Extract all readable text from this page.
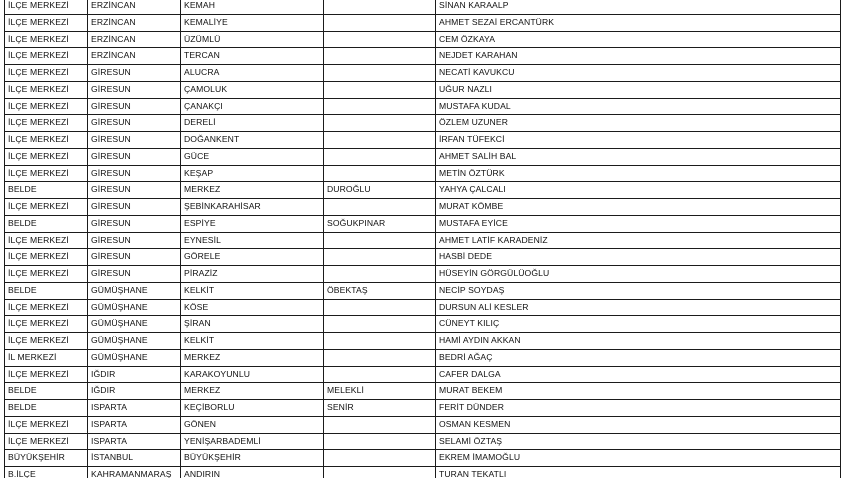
İLÇE MERKEZİ	ERZİNCAN	KEMAH		SİNAN KARAALP
İLÇE MERKEZİ	ERZİNCAN	KEMALİYE		AHMET SEZAİ ERCANTÜRK
İLÇE MERKEZİ	ERZİNCAN	ÜZÜMLÜ		CEM ÖZKAYA
İLÇE MERKEZİ	ERZİNCAN	TERCAN		NEJDET KARAHAN
İLÇE MERKEZİ	GİRESUN	ALUCRA		NECATİ KAVUKCU
İLÇE MERKEZİ	GİRESUN	ÇAMOLUK		UĞUR NAZLI
İLÇE MERKEZİ	GİRESUN	ÇANAKÇI		MUSTAFA KUDAL
İLÇE MERKEZİ	GİRESUN	DERELİ		ÖZLEM UZUNER
İLÇE MERKEZİ	GİRESUN	DOĞANKENT		İRFAN TÜFEKCİ
İLÇE MERKEZİ	GİRESUN	GÜCE		AHMET SALİH BAL
İLÇE MERKEZİ	GİRESUN	KEŞAP		METİN ÖZTÜRK
BELDE	GİRESUN	MERKEZ	DUROĞLU	YAHYA ÇALCALI
İLÇE MERKEZİ	GİRESUN	ŞEBİNKARAHİSAR		MURAT KÖMBE
BELDE	GİRESUN	ESPİYE	SOĞUKPINAR	MUSTAFA EYİCE
İLÇE MERKEZİ	GİRESUN	EYNESİL		AHMET LATİF KARADENİZ
İLÇE MERKEZİ	GİRESUN	GÖRELE		HASBİ DEDE
İLÇE MERKEZİ	GİRESUN	PİRAZİZ		HÜSEYİN GÖRGÜLÜOĞLU
BELDE	GÜMÜŞHANE	KELKİT	ÖBEKTAŞ	NECİP SOYDAŞ
İLÇE MERKEZİ	GÜMÜŞHANE	KÖSE		DURSUN ALİ KESLER
İLÇE MERKEZİ	GÜMÜŞHANE	ŞİRAN		CÜNEYT KILIÇ
İLÇE MERKEZİ	GÜMÜŞHANE	KELKİT		HAMİ AYDIN AKKAN
İL MERKEZİ	GÜMÜŞHANE	MERKEZ		BEDRİ AĞAÇ
İLÇE MERKEZİ	IĞDIR	KARAKOYUNLU		CAFER DALGA
BELDE	IĞDIR	MERKEZ	MELEKLİ	MURAT BEKEM
BELDE	ISPARTA	KEÇİBORLU	SENİR	FERİT DÜNDER
İLÇE MERKEZİ	ISPARTA	GÖNEN		OSMAN KESMEN
İLÇE MERKEZİ	ISPARTA	YENİŞARBADEMLİ		SELAMİ ÖZTAŞ
BÜYÜKŞEHİR	İSTANBUL	BÜYÜKŞEHİR		EKREM İMAMOĞLU
B.İLÇE	KAHRAMANMARAŞ	ANDIRIN		TURAN TEKATLI
